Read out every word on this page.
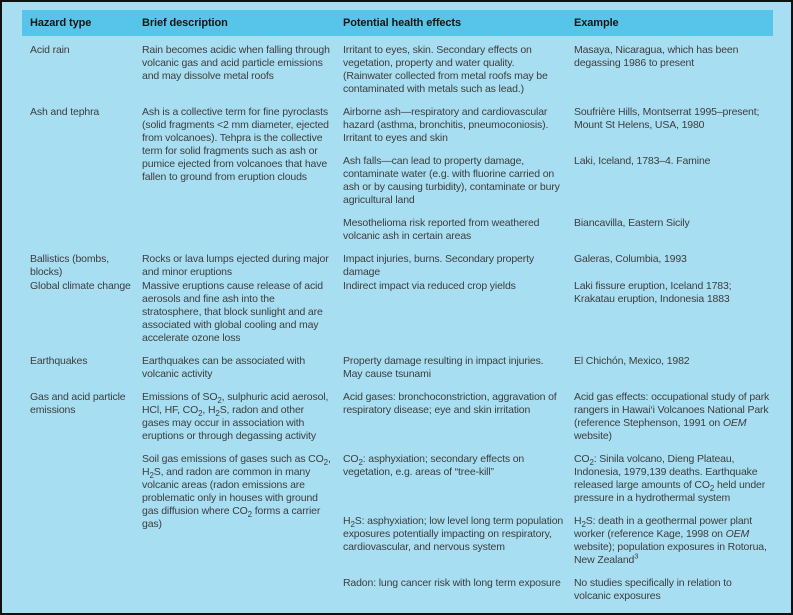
Hazard type	Brief description	Potential health effects	Example
Acid rain	Rain becomes acidic when falling through volcanic gas and acid particle emissions and may dissolve metal roofs	Irritant to eyes, skin. Secondary effects on vegetation, property and water quality. (Rainwater collected from metal roofs may be contaminated with metals such as lead.)	Masaya, Nicaragua, which has been degassing 1986 to present
Ash and tephra	Ash is a collective term for fine pyroclasts (solid fragments <2 mm diameter, ejected from volcanoes). Tehpra is the collective term for solid fragments such as ash or pumice ejected from volcanoes that have fallen to ground from eruption clouds	Airborne ash—respiratory and cardiovascular hazard (asthma, bronchitis, pneumoconiosis). Irritant to eyes and skin	Soufrière Hills, Montserrat 1995–present; Mount St Helens, USA, 1980
		Ash falls—can lead to property damage, contaminate water (e.g. with fluorine carried on ash or by causing turbidity), contaminate or bury agricultural land	Laki, Iceland, 1783–4. Famine
		Mesothelioma risk reported from weathered volcanic ash in certain areas	Biancavilla, Eastern Sicily
Ballistics (bombs, blocks)	Rocks or lava lumps ejected during major and minor eruptions	Impact injuries, burns. Secondary property damage	Galeras, Columbia, 1993
Global climate change	Massive eruptions cause release of acid aerosols and fine ash into the stratosphere, that block sunlight and are associated with global cooling and may accelerate ozone loss	Indirect impact via reduced crop yields	Laki fissure eruption, Iceland 1783; Krakatau eruption, Indonesia 1883
Earthquakes	Earthquakes can be associated with volcanic activity	Property damage resulting in impact injuries. May cause tsunami	El Chichón, Mexico, 1982
Gas and acid particle emissions	Emissions of $SO_2$, sulphuric acid aerosol, HCl, HF, $CO_2$, $H_2S$, radon and other gases may occur in association with eruptions or through degassing activity	Acid gases: bronchoconstriction, aggravation of respiratory disease; eye and skin irritation	Acid gas effects: occupational study of park rangers in Hawai‘i Volcanoes National Park (reference Stephenson, 1991 on OEM website)
	Soil gas emissions of gases such as $CO_2$, $H_2S$, and radon are common in many volcanic areas (radon emissions are problematic only in houses with ground gas diffusion where $CO_2$ forms a carrier gas)	$CO_2$: asphyxiation; secondary effects on vegetation, e.g. areas of “tree-kill”	$CO_2$: Sinila volcano, Dieng Plateau, Indonesia, 1979,139 deaths. Earthquake released large amounts of $CO_2$ held under pressure in a hydrothermal system
		$H_2S$: asphyxiation; low level long term population exposures potentially impacting on respiratory, cardiovascular, and nervous system	$H_2S$: death in a geothermal power plant worker (reference Kage, 1998 on OEM website); population exposures in Rotorua, New Zealand$^3$
		Radon: lung cancer risk with long term exposure	No studies specifically in relation to volcanic exposures
